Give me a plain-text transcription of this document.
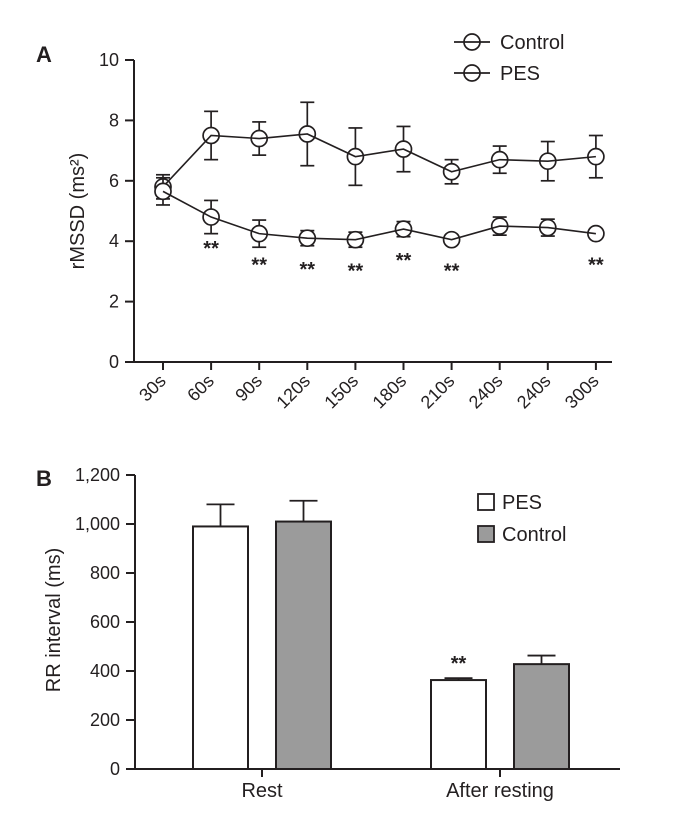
A
rMSSD (ms²)
Control
PES
0
2
4
6
8
10
30s 60s 90s 120s 150s 180s 210s 240s 240s 300s
**
** ** ** ** **	**
B
RR interval (ms)
PES
Control
0
200
400
600
800
1,000
1,200
Rest	After resting
**
